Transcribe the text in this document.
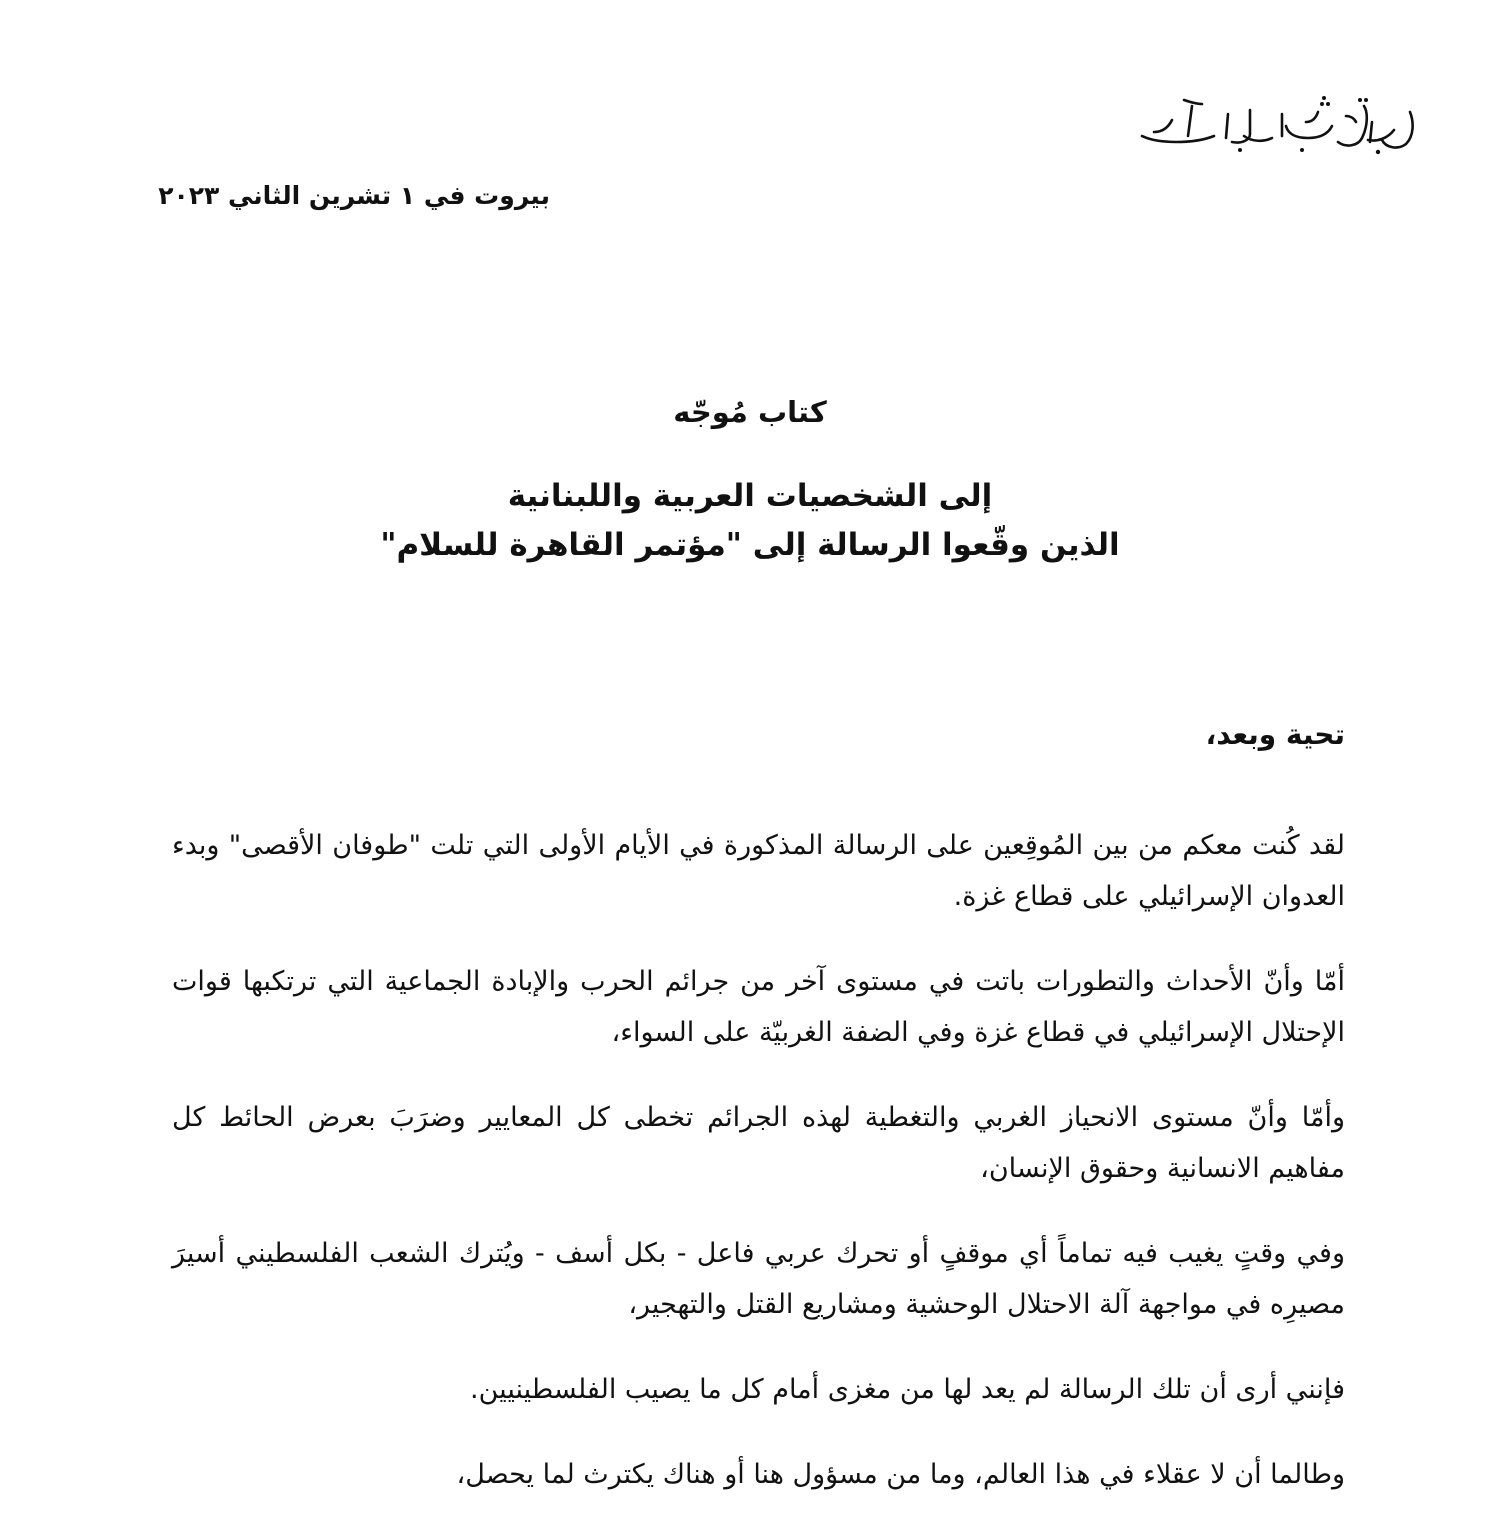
بيروت في ١ تشرين الثاني ٢٠٢٣
كتاب مُوجّه
إلى الشخصيات العربية واللبنانية
الذين وقّعوا الرسالة إلى "مؤتمر القاهرة للسلام"

تحية وبعد،

لقد كُنت معكم من بين المُوقِعين على الرسالة المذكورة في الأيام الأولى التي تلت "طوفان الأقصى" وبدء العدوان الإسرائيلي على قطاع غزة.

أمّا وأنّ الأحداث والتطورات باتت في مستوى آخر من جرائم الحرب والإبادة الجماعية التي ترتكبها قوات الإحتلال الإسرائيلي في قطاع غزة وفي الضفة الغربيّة على السواء،

وأمّا وأنّ مستوى الانحياز الغربي والتغطية لهذه الجرائم تخطى كل المعايير وضرَبَ بعرض الحائط كل مفاهيم الانسانية وحقوق الإنسان،

وفي وقتٍ يغيب فيه تماماً أي موقفٍ أو تحرك عربي فاعل - بكل أسف - ويُترك الشعب الفلسطيني أسيرَ مصيرِه في مواجهة آلة الاحتلال الوحشية ومشاريع القتل والتهجير،

فإنني أرى أن تلك الرسالة لم يعد لها من مغزى أمام كل ما يصيب الفلسطينيين.

وطالما أن لا عقلاء في هذا العالم، وما من مسؤول هنا أو هناك يكترث لما يحصل،
